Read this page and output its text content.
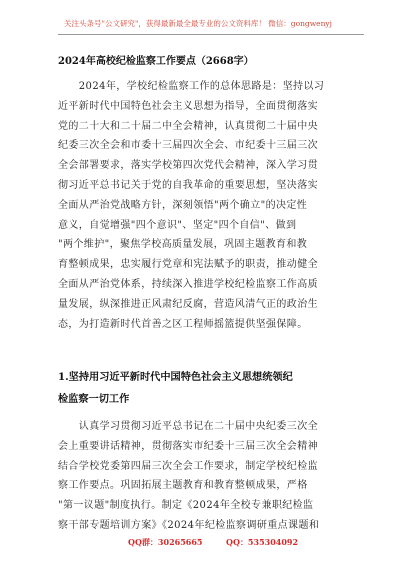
关注头条号"公文研究"，获得最新最全最专业的公文资料库！ 微信：gongwenyj
2024年高校纪检监察工作要点（2668字）
　　2024年，学校纪检监察工作的总体思路是：坚持以习
近平新时代中国特色社会主义思想为指导，全面贯彻落实
党的二十大和二十届二中全会精神，认真贯彻二十届中央
纪委三次全会和市委十三届四次全会、市纪委十三届三次
全会部署要求，落实学校第四次党代会精神，深入学习贯
彻习近平总书记关于党的自我革命的重要思想，坚决落实
全面从严治党战略方针，深刻领悟"两个确立"的决定性
意义，自觉增强"四个意识"、坚定"四个自信"、做到
"两个维护"，聚焦学校高质量发展，巩固主题教育和教
育整顿成果，忠实履行党章和宪法赋予的职责，推动健全
全面从严治党体系，持续深入推进学校纪检监察工作高质
量发展，纵深推进正风肃纪反腐，营造风清气正的政治生
态，为打造新时代首善之区工程师摇篮提供坚强保障。
1.坚持用习近平新时代中国特色社会主义思想统领纪
检监察一切工作
　　认真学习贯彻习近平总书记在二十届中央纪委三次全
会上重要讲话精神，贯彻落实市纪委十三届三次全会精神
结合学校党委第四届三次全会工作要求，制定学校纪检监
察工作要点。巩固拓展主题教育和教育整顿成果，严格
"第一议题"制度执行。制定《2024年全校专兼职纪检监
察干部专题培训方案》《2024年纪检监察调研重点课题和
QQ群：30265665	QQ：535304092
